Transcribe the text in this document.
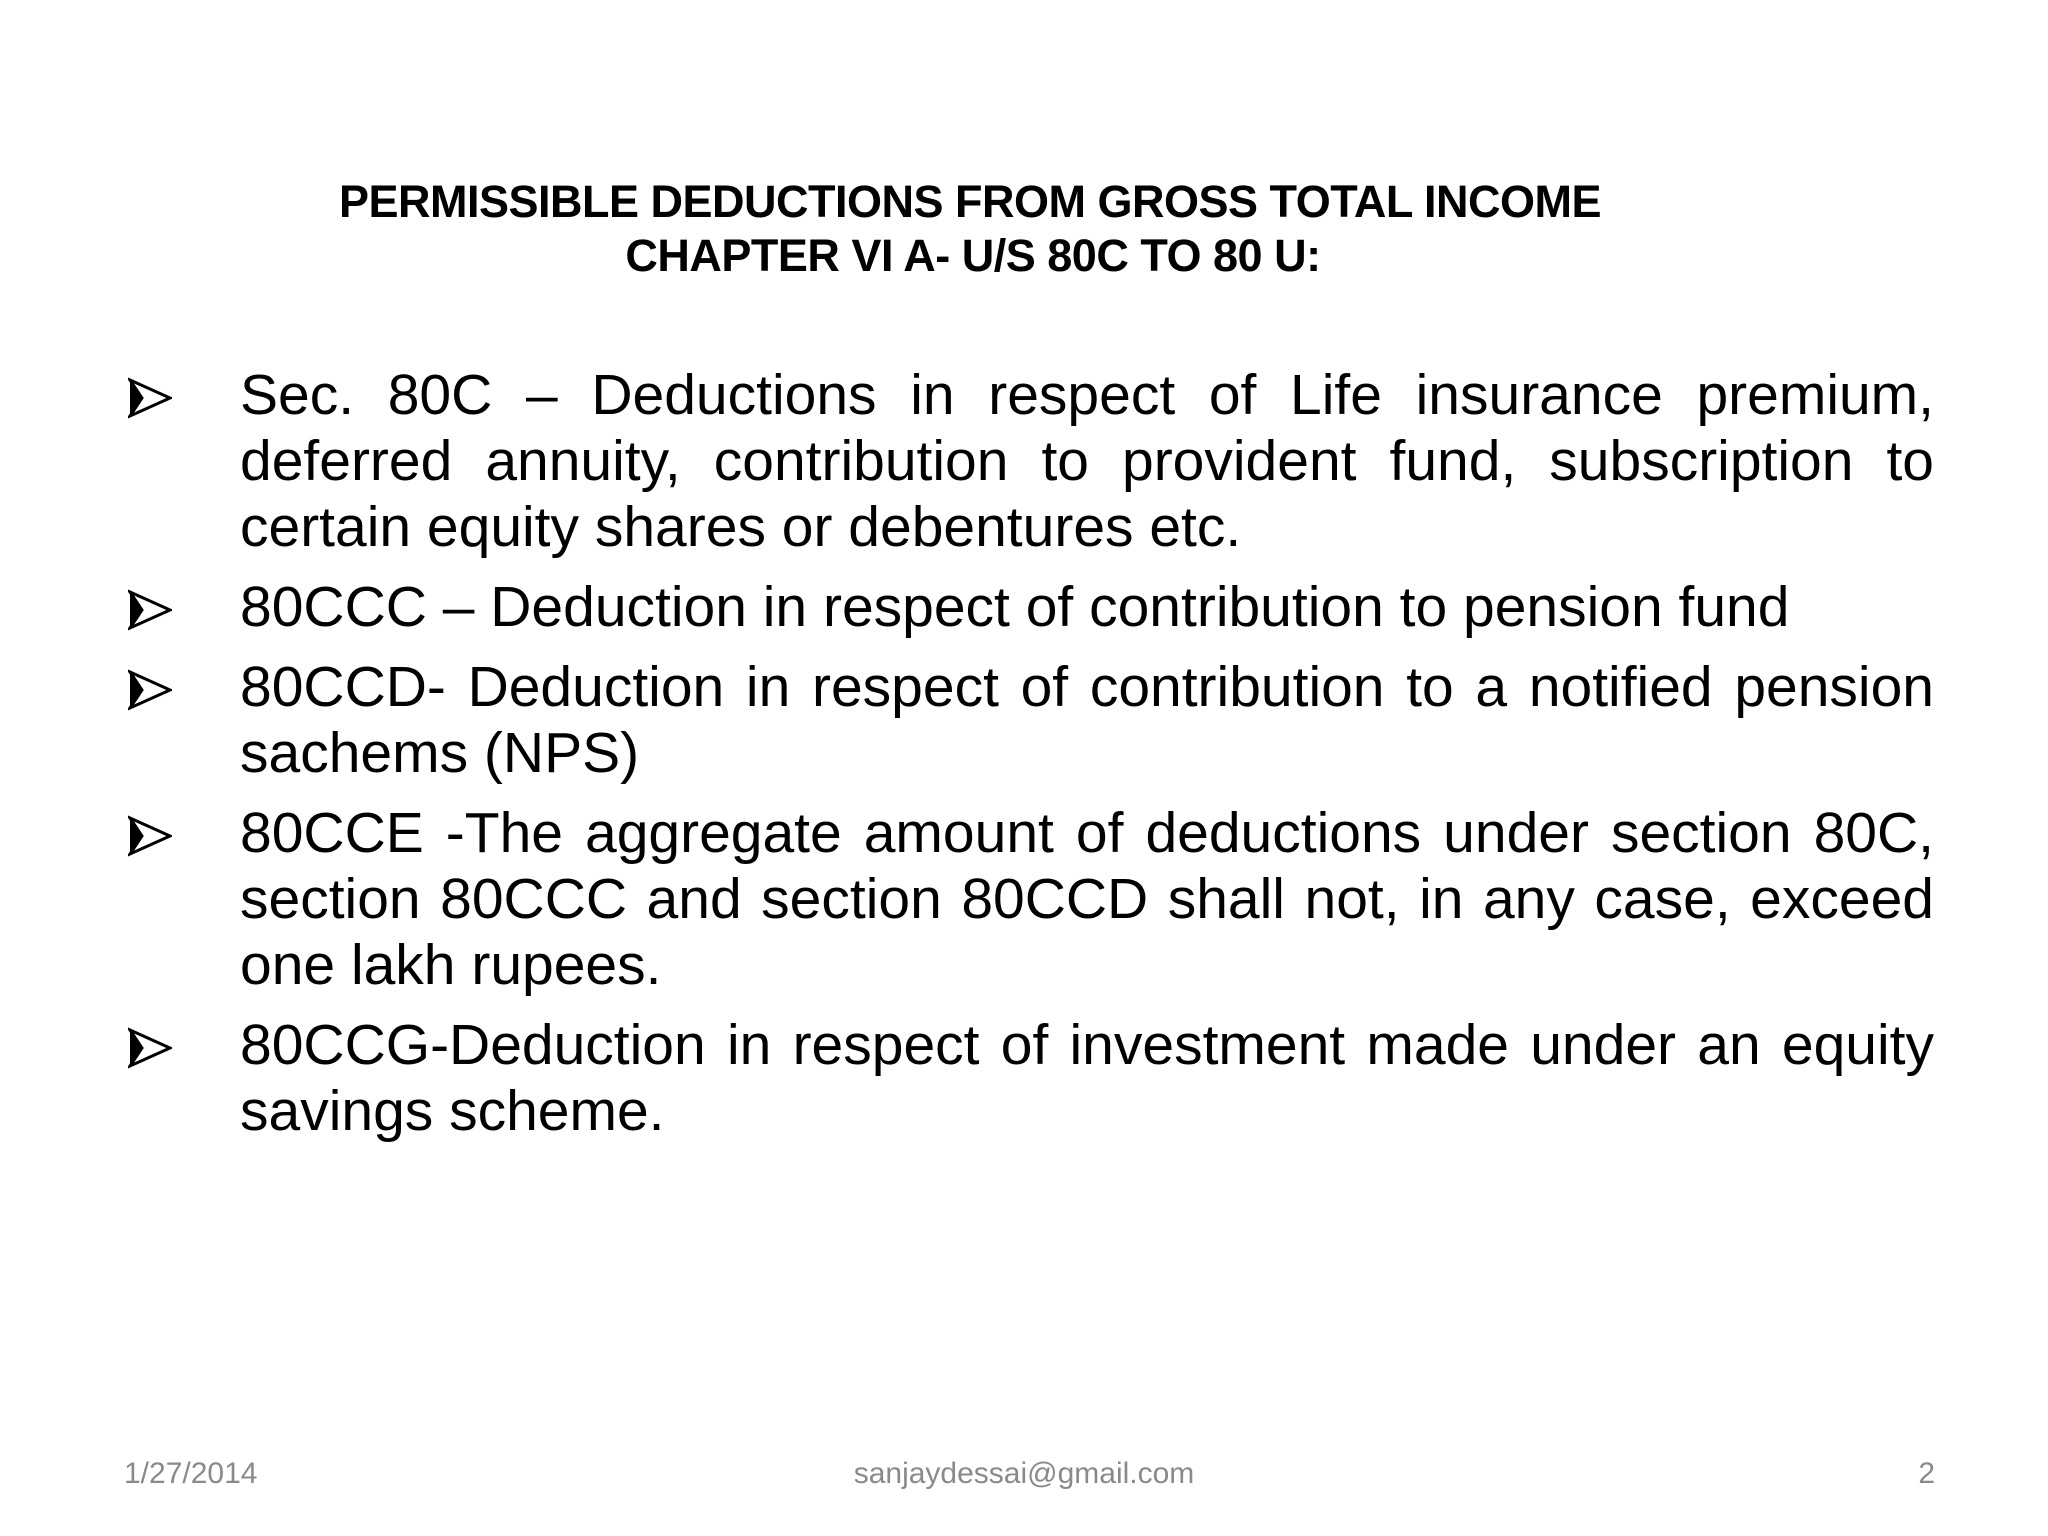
PERMISSIBLE DEDUCTIONS FROM GROSS TOTAL INCOME
CHAPTER VI A- U/S 80C TO 80 U:
Sec. 80C – Deductions in respect of Life insurance premium, deferred annuity, contribution to provident fund, subscription to certain equity shares or debentures etc.
80CCC – Deduction in respect of contribution to pension fund
80CCD- Deduction in respect of contribution to a notified pension sachems (NPS)
80CCE -The aggregate amount of deductions under section 80C, section 80CCC and section 80CCD shall not, in any case, exceed one lakh rupees.
80CCG-Deduction in respect of investment made under an equity savings scheme.
1/27/2014	sanjaydessai@gmail.com	2
